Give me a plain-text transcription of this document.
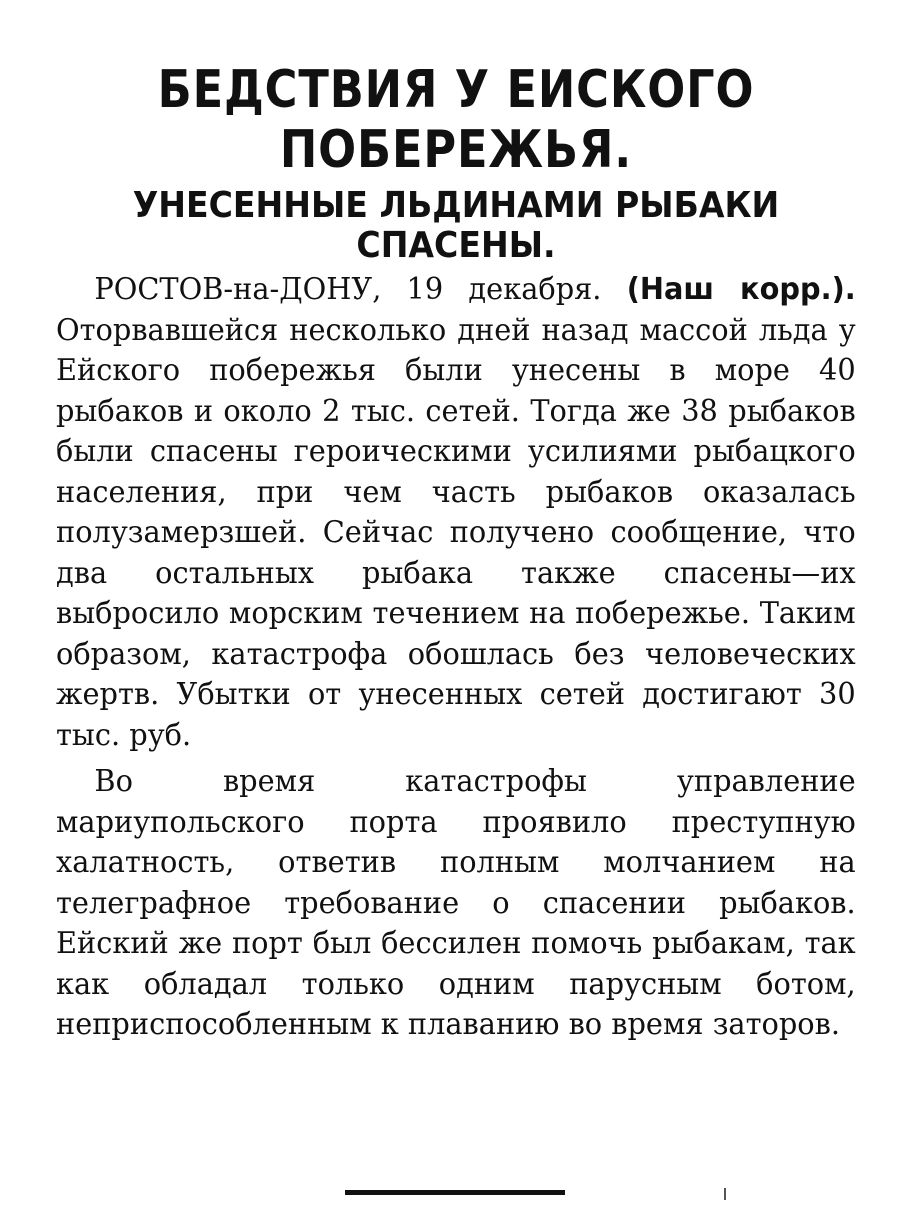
БЕДСТВИЯ У ЕИСКОГО
ПОБЕРЕЖЬЯ.
УНЕСЕННЫЕ ЛЬДИНАМИ РЫБАКИ
СПАСЕНЫ.

РОСТОВ-на-ДОНУ, 19 декабря. (Наш корр.). Оторвавшейся несколько дней назад массой льда у Ейского побережья были унесены в море 40 рыбаков и около 2 тыс. сетей. Тогда же 38 рыбаков были спасены героическими усилиями рыбацкого населения, при чем часть рыбаков оказалась полузамерзшей. Сейчас получено сообщение, что два остальных рыбака также спасены—их выбросило морским течением на побережье. Таким образом, катастрофа обошлась без человеческих жертв. Убытки от унесенных сетей достигают 30 тыс. руб.

Во время катастрофы управление мариупольского порта проявило преступную халатность, ответив полным молчанием на телеграфное требование о спасении рыбаков. Ейский же порт был бессилен помочь рыбакам, так как обладал только одним парусным ботом, неприспособленным к плаванию во время заторов.
